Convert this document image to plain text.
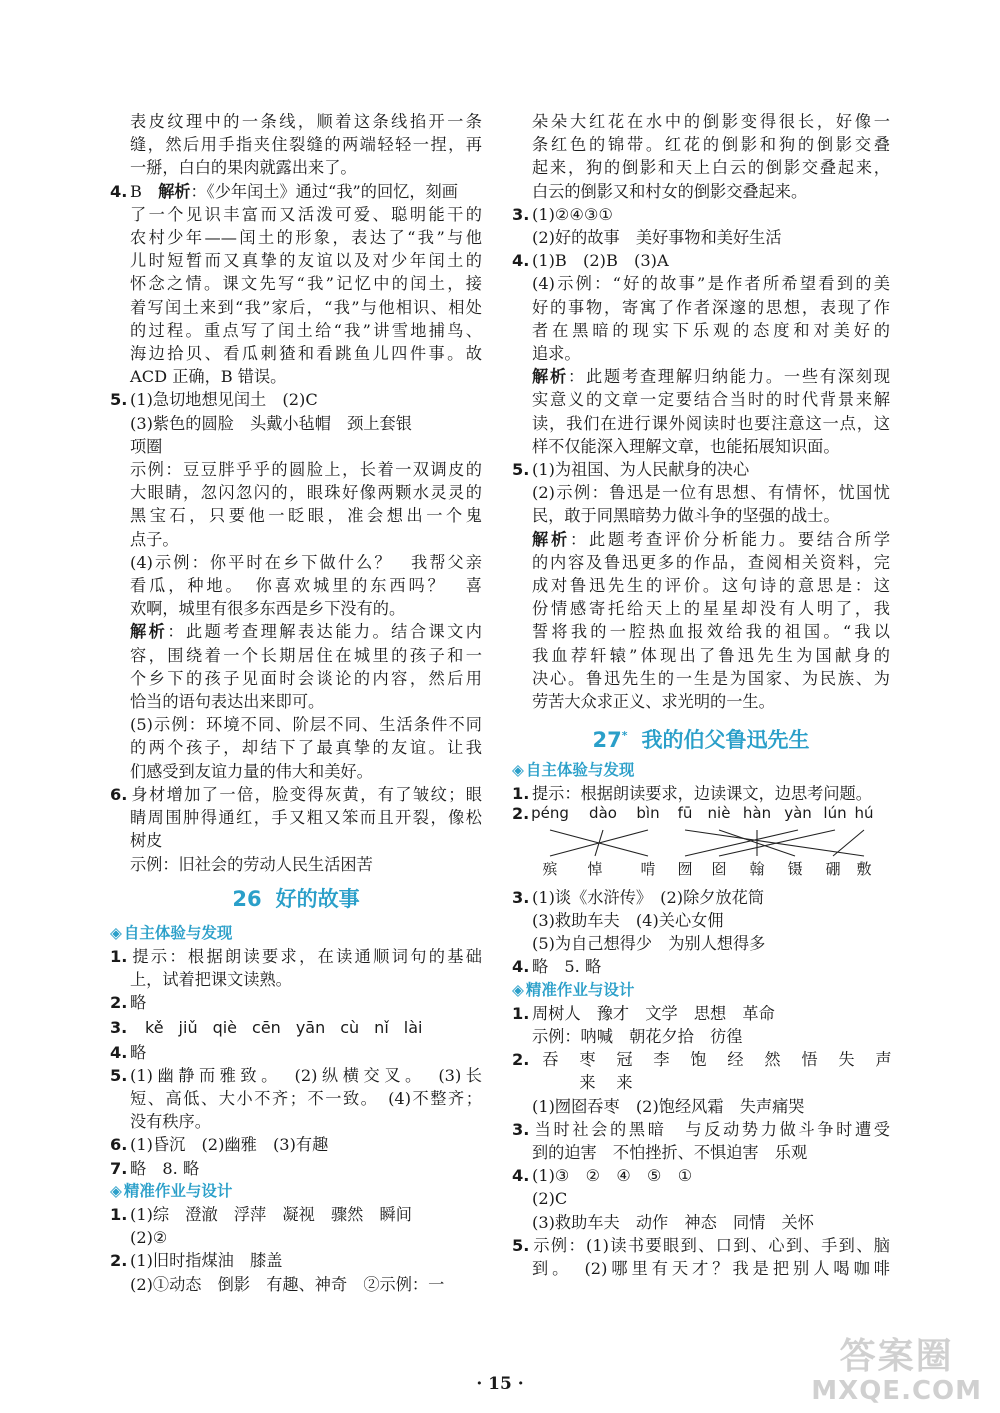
表皮纹理中的一条线，顺着这条线掐开一条
缝，然后用手指夹住裂缝的两端轻轻一捏，再
一掰，白白的果肉就露出来了。
4. B　解析：《少年闰土》通过“我”的回忆，刻画
了一个见识丰富而又活泼可爱、聪明能干的
农村少年——闰土的形象，表达了“我”与他
儿时短暂而又真挚的友谊以及对少年闰土的
怀念之情。课文先写“我”记忆中的闰土，接
着写闰土来到“我”家后，“我”与他相识、相处
的过程。重点写了闰土给“我”讲雪地捕鸟、
海边拾贝、看瓜刺猹和看跳鱼儿四件事。故
ACD 正确，B 错误。
5. (1)急切地想见闰土　(2)C
(3)紫色的圆脸　头戴小毡帽　颈上套银
项圈
示例：豆豆胖乎乎的圆脸上，长着一双调皮的
大眼睛，忽闪忽闪的，眼珠好像两颗水灵灵的
黑宝石，只要他一眨眼，准会想出一个鬼
点子。
(4)示例：你平时在乡下做什么？　我帮父亲
看瓜，种地。　你喜欢城里的东西吗？　喜
欢啊，城里有很多东西是乡下没有的。
解析：此题考查理解表达能力。结合课文内
容，围绕着一个长期居住在城里的孩子和一
个乡下的孩子见面时会谈论的内容，然后用
恰当的语句表达出来即可。
(5)示例：环境不同、阶层不同、生活条件不同
的两个孩子，却结下了最真挚的友谊。让我
们感受到友谊力量的伟大和美好。
6. 身材增加了一倍，脸变得灰黄，有了皱纹；眼
睛周围肿得通红，手又粗又笨而且开裂，像松
树皮
示例：旧社会的劳动人民生活困苦
26 好的故事
◈ 自主体验与发现
1. 提示：根据朗读要求，在读通顺词句的基础
上，试着把课文读熟。
2. 略
3. kě jiǔ qiè cēn yān cù nǐ lài
4. 略
5. (1)幽静而雅致。　(2)纵横交叉。　(3)长
短、高低、大小不齐；不一致。　(4)不整齐；
没有秩序。
6. (1)昏沉　(2)幽雅　(3)有趣
7. 略　8. 略
◈ 精准作业与设计
1. (1)综　澄澈　浮萍　凝视　骤然　瞬间
(2)②
2. (1)旧时指煤油　膝盖
(2)①动态　倒影　有趣、神奇　②示例：一
朵朵大红花在水中的倒影变得很长，好像一
条红色的锦带。红花的倒影和狗的倒影交叠
起来，狗的倒影和天上白云的倒影交叠起来，
白云的倒影又和村女的倒影交叠起来。
3. (1)②④③①
(2)好的故事　美好事物和美好生活
4. (1)B　(2)B　(3)A
(4)示例：“好的故事”是作者所希望看到的美
好的事物，寄寓了作者深邃的思想，表现了作
者在黑暗的现实下乐观的态度和对美好的
追求。
解析：此题考查理解归纳能力。一些有深刻现
实意义的文章一定要结合当时的时代背景来解
读，我们在进行课外阅读时也要注意这一点，这
样不仅能深入理解文章，也能拓展知识面。
5. (1)为祖国、为人民献身的决心
(2)示例：鲁迅是一位有思想、有情怀，忧国忧
民，敢于同黑暗势力做斗争的坚强的战士。
解析：此题考查评价分析能力。要结合所学
的内容及鲁迅更多的作品，查阅相关资料，完
成对鲁迅先生的评价。这句诗的意思是：这
份情感寄托给天上的星星却没有人明了，我
誓将我的一腔热血报效给我的祖国。“我以
我血荐轩辕”体现出了鲁迅先生为国献身的
决心。鲁迅先生的一生是为国家、为民族、为
劳苦大众求正义、求光明的一生。
27* 我的伯父鲁迅先生
◈ 自主体验与发现
1. 提示：根据朗读要求，边读课文，边思考问题。
2. péng dào bìn fū niè hàn yàn lún hú
殡 悼	啃 囫 囵 翰 镊 硼 敷
3. (1)谈《水浒传》　(2)除夕放花筒
(3)救助车夫　(4)关心女佣
(5)为自己想得少　为别人想得多
4. 略　5. 略
◈ 精准作业与设计
1. 周树人　豫才　文学　思想　革命
示例：呐喊　朝花夕拾　彷徨
2. 吞 枣 冠 李 饱 经 然 悟 失 声
来 来
(1)囫囵吞枣　(2)饱经风霜　失声痛哭
3. 当时社会的黑暗　与反动势力做斗争时遭受
到的迫害　不怕挫折、不惧迫害　乐观
4. (1)③　②　④　⑤　①
(2)C
(3)救助车夫　动作　神态　同情　关怀
5. 示例：(1)读书要眼到、口到、心到、手到、脑
到。　(2)哪里有天才？我是把别人喝咖啡
· 15 ·
答案圈
MXQE.COM
